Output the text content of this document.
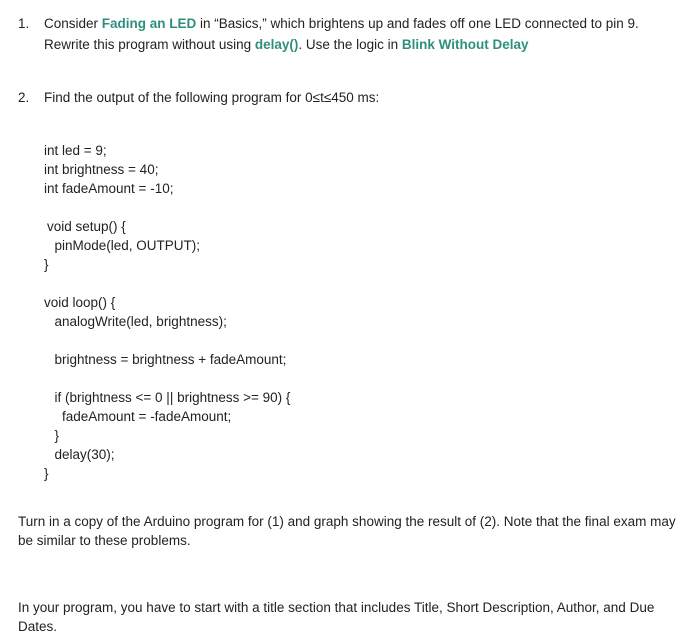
1.	Consider Fading an LED in “Basics,” which brightens up and fades off one LED connected to pin 9.
Rewrite this program without using delay(). Use the logic in Blink Without Delay
2.	Find the output of the following program for 0≤t≤450 ms:
int led = 9;
int brightness = 40;
int fadeAmount = -10;
void setup() {
pinMode(led, OUTPUT);
}
void loop() {
analogWrite(led, brightness);
brightness = brightness + fadeAmount;
if (brightness <= 0 || brightness >= 90) {
fadeAmount = -fadeAmount;
}
delay(30);
}
Turn in a copy of the Arduino program for (1) and graph showing the result of (2). Note that the final exam may be similar to these problems.
In your program, you have to start with a title section that includes Title, Short Description, Author, and Due Dates.
